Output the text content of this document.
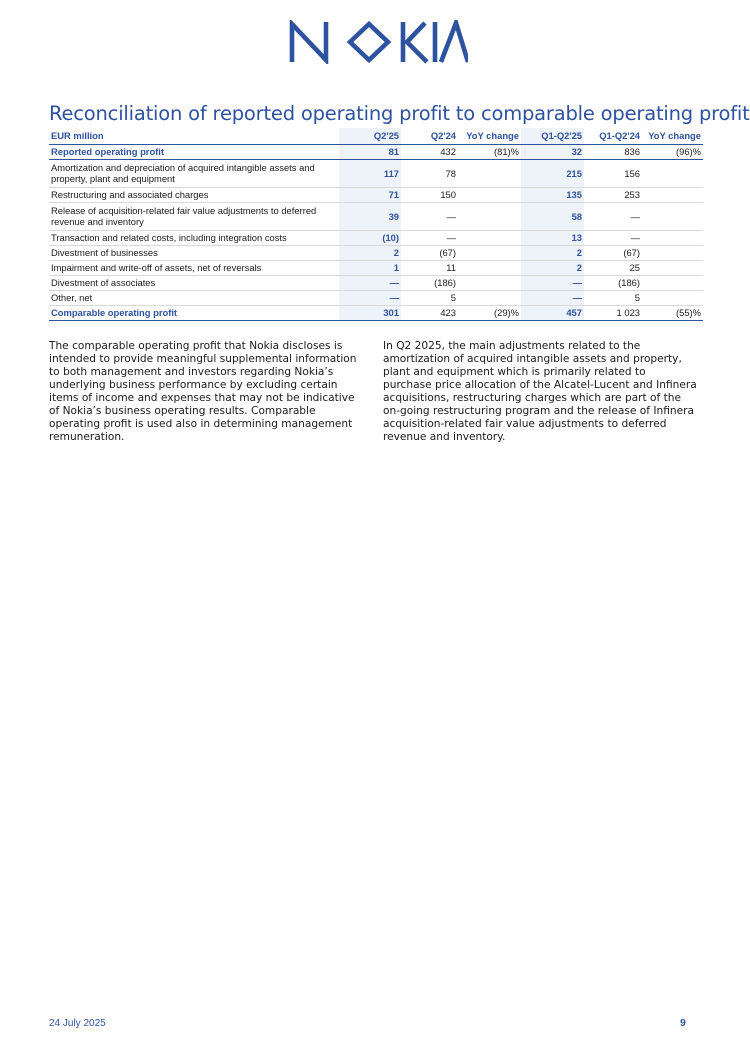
Reconciliation of reported operating profit to comparable operating profit
EUR million	Q2'25	Q2'24	YoY change	Q1-Q2'25	Q1-Q2'24	YoY change
Reported operating profit	81	432	(81)%	32	836	(96)%
Amortization and depreciation of acquired intangible assets and property, plant and equipment	117	78		215	156	
Restructuring and associated charges	71	150		135	253	
Release of acquisition-related fair value adjustments to deferred revenue and inventory	39	—		58	—	
Transaction and related costs, including integration costs	(10)	—		13	—	
Divestment of businesses	2	(67)		2	(67)	
Impairment and write-off of assets, net of reversals	1	11		2	25	
Divestment of associates	—	(186)		—	(186)	
Other, net	—	5		—	5	
Comparable operating profit	301	423	(29)%	457	1 023	(55)%

The comparable operating profit that Nokia discloses is intended to provide meaningful supplemental information to both management and investors regarding Nokia’s underlying business performance by excluding certain items of income and expenses that may not be indicative of Nokia’s business operating results. Comparable operating profit is used also in determining management remuneration.

In Q2 2025, the main adjustments related to the amortization of acquired intangible assets and property, plant and equipment which is primarily related to purchase price allocation of the Alcatel-Lucent and Infinera acquisitions, restructuring charges which are part of the on-going restructuring program and the release of Infinera acquisition-related fair value adjustments to deferred revenue and inventory.

24 July 2025	9
